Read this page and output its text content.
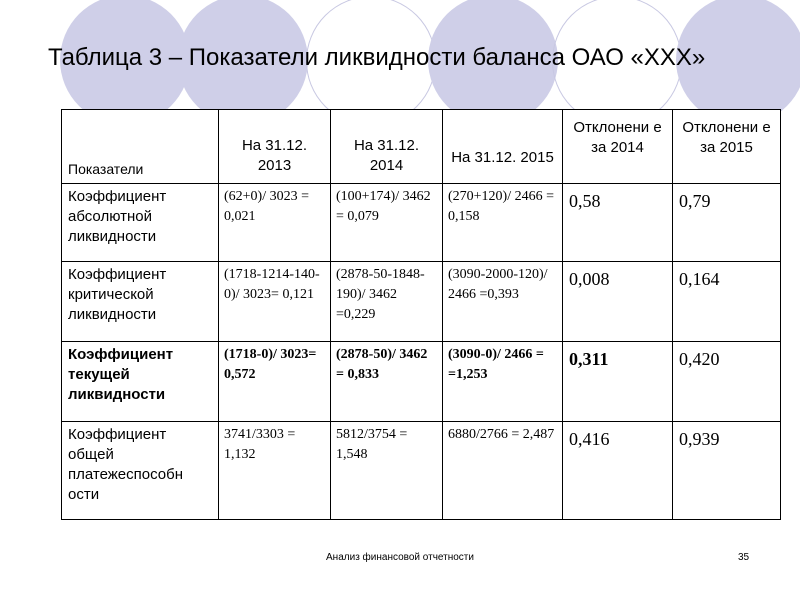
Таблица 3 – Показатели ликвидности баланса ОАО «ХХХ»
Показатели	На 31.12. 2013	На 31.12. 2014	На 31.12. 2015	Отклонени е за 2014	Отклонени е за 2015
Коэффициент абсолютной ликвидности	(62+0)/ 3023 = 0,021	(100+174)/ 3462 = 0,079	(270+120)/ 2466 = 0,158	0,58	0,79
Коэффициент критической ликвидности	(1718-1214-140-0)/ 3023= 0,121	(2878-50-1848-190)/ 3462 =0,229	(3090-2000-120)/ 2466 =0,393	0,008	0,164
Коэффициент текущей ликвидности	(1718-0)/ 3023= 0,572	(2878-50)/ 3462 = 0,833	(3090-0)/ 2466 = =1,253	0,311	0,420
Коэффициент общей платежеспособн ости	3741/3303 = 1,132	5812/3754 = 1,548	6880/2766 = 2,487	0,416	0,939
Анализ финансовой отчетности	35
